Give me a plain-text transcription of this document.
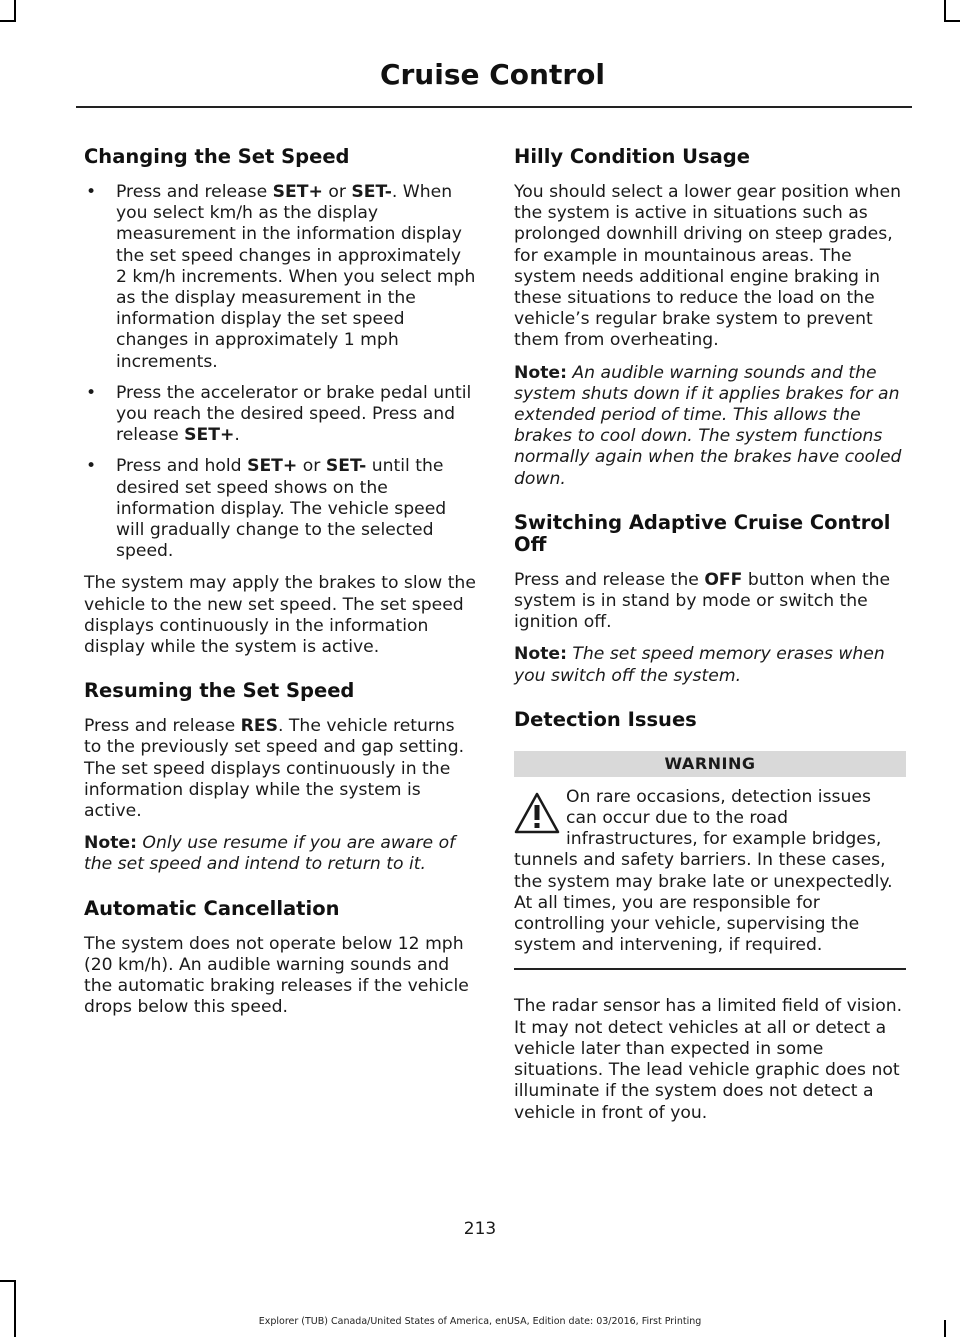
Cruise Control
Changing the Set Speed
• Press and release SET+ or SET-. When you select km/h as the display measurement in the information display the set speed changes in approximately 2 km/h increments. When you select mph as the display measurement in the information display the set speed changes in approximately 1 mph increments.
• Press the accelerator or brake pedal until you reach the desired speed. Press and release SET+.
• Press and hold SET+ or SET- until the desired set speed shows on the information display. The vehicle speed will gradually change to the selected speed.

The system may apply the brakes to slow the vehicle to the new set speed. The set speed displays continuously in the information display while the system is active.

Resuming the Set Speed

Press and release RES. The vehicle returns to the previously set speed and gap setting. The set speed displays continuously in the information display while the system is active.

Note: Only use resume if you are aware of the set speed and intend to return to it.

Automatic Cancellation

The system does not operate below 12 mph (20 km/h). An audible warning sounds and the automatic braking releases if the vehicle drops below this speed.

Hilly Condition Usage

You should select a lower gear position when the system is active in situations such as prolonged downhill driving on steep grades, for example in mountainous areas. The system needs additional engine braking in these situations to reduce the load on the vehicle’s regular brake system to prevent them from overheating.

Note: An audible warning sounds and the system shuts down if it applies brakes for an extended period of time. This allows the brakes to cool down. The system functions normally again when the brakes have cooled down.

Switching Adaptive Cruise Control Off

Press and release the OFF button when the system is in stand by mode or switch the ignition off.

Note: The set speed memory erases when you switch off the system.

Detection Issues
WARNING

On rare occasions, detection issues can occur due to the road infrastructures, for example bridges, tunnels and safety barriers. In these cases, the system may brake late or unexpectedly. At all times, you are responsible for controlling your vehicle, supervising the system and intervening, if required.

The radar sensor has a limited field of vision. It may not detect vehicles at all or detect a vehicle later than expected in some situations. The lead vehicle graphic does not illuminate if the system does not detect a vehicle in front of you.

213
Explorer (TUB) Canada/United States of America, enUSA, Edition date: 03/2016, First Printing
